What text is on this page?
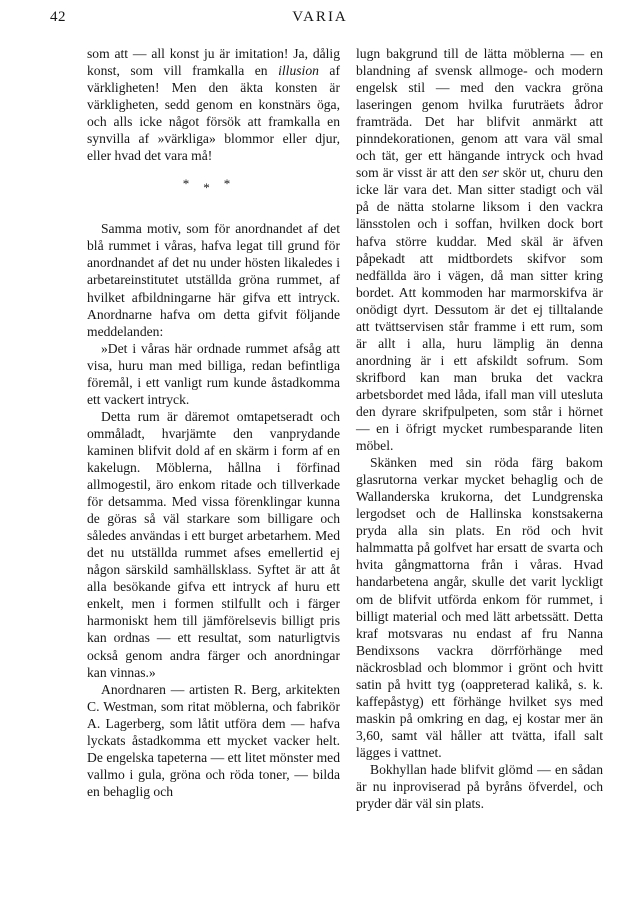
42	VARIA

som att — all konst ju är imitation! Ja, dålig konst, som vill framkalla en illusion af värkligheten! Men den äkta konsten är värkligheten, sedd genom en konstnärs öga, och alls icke något försök att framkalla en synvilla af »värkliga» blommor eller djur, eller hvad det vara må!

***

Samma motiv, som för anordnandet af det blå rummet i våras, hafva legat till grund för anordnandet af det nu under hösten likaledes i arbetareinstitutet utställda gröna rummet, af hvilket afbildningarne här gifva ett intryck. Anordnarne hafva om detta gifvit följande meddelanden:

»Det i våras här ordnade rummet afsåg att visa, huru man med billiga, redan befintliga föremål, i ett vanligt rum kunde åstadkomma ett vackert intryck.

Detta rum är däremot omtapetseradt och ommåladt, hvarjämte den vanprydande kaminen blifvit dold af en skärm i form af en kakelugn. Möblerna, hållna i förfinad allmogestil, äro enkom ritade och tillverkade för detsamma. Med vissa förenklingar kunna de göras så väl starkare som billigare och således användas i ett burget arbetarhem. Med det nu utställda rummet afses emellertid ej någon särskild samhällsklass. Syftet är att åt alla besökande gifva ett intryck af huru ett enkelt, men i formen stilfullt och i färger harmoniskt hem till jämförelsevis billigt pris kan ordnas — ett resultat, som naturligtvis också genom andra färger och anordningar kan vinnas.»

Anordnaren — artisten R. Berg, arkitekten C. Westman, som ritat möblerna, och fabrikör A. Lagerberg, som låtit utföra dem — hafva lyckats åstadkomma ett mycket vacker helt. De engelska tapeterna — ett litet mönster med vallmo i gula, gröna och röda toner, — bilda en behaglig och

lugn bakgrund till de lätta möblerna — en blandning af svensk allmoge- och modern engelsk stil — med den vackra gröna laseringen genom hvilka furuträets ådror framträda. Det har blifvit anmärkt att pinndekorationen, genom att vara väl smal och tät, ger ett hängande intryck och hvad som är visst är att den ser skör ut, churu den icke lär vara det. Man sitter stadigt och väl på de nätta stolarne liksom i den vackra länsstolen och i soffan, hvilken dock bort hafva större kuddar. Med skäl är äfven påpekadt att midtbordets skifvor som nedfällda äro i vägen, då man sitter kring bordet. Att kommoden har marmorskifva är onödigt dyrt. Dessutom är det ej tilltalande att tvättservisen står framme i ett rum, som är allt i alla, huru lämplig än denna anordning är i ett afskildt sofrum. Som skrifbord kan man bruka det vackra arbetsbordet med låda, ifall man vill utesluta den dyrare skrifpulpeten, som står i hörnet — en i öfrigt mycket rumbesparande liten möbel.

Skänken med sin röda färg bakom glasrutorna verkar mycket behaglig och de Wallanderska krukorna, det Lundgrenska lergodset och de Hallinska konstsakerna pryda alla sin plats. En röd och hvit halmmatta på golfvet har ersatt de svarta och hvita gångmattorna från i våras. Hvad handarbetena angår, skulle det varit lyckligt om de blifvit utförda enkom för rummet, i billigt material och med lätt arbetssätt. Detta kraf motsvaras nu endast af fru Nanna Bendixsons vackra dörrförhänge med näckrosblad och blommor i grönt och hvitt satin på hvitt tyg (oappreterad kalikå, s. k. kaffepåstyg) ett förhänge hvilket sys med maskin på omkring en dag, ej kostar mer än 3,60, samt väl håller att tvätta, ifall salt lägges i vattnet.

Bokhyllan hade blifvit glömd — en sådan är nu inproviserad på byråns öfverdel, och pryder där väl sin plats.
